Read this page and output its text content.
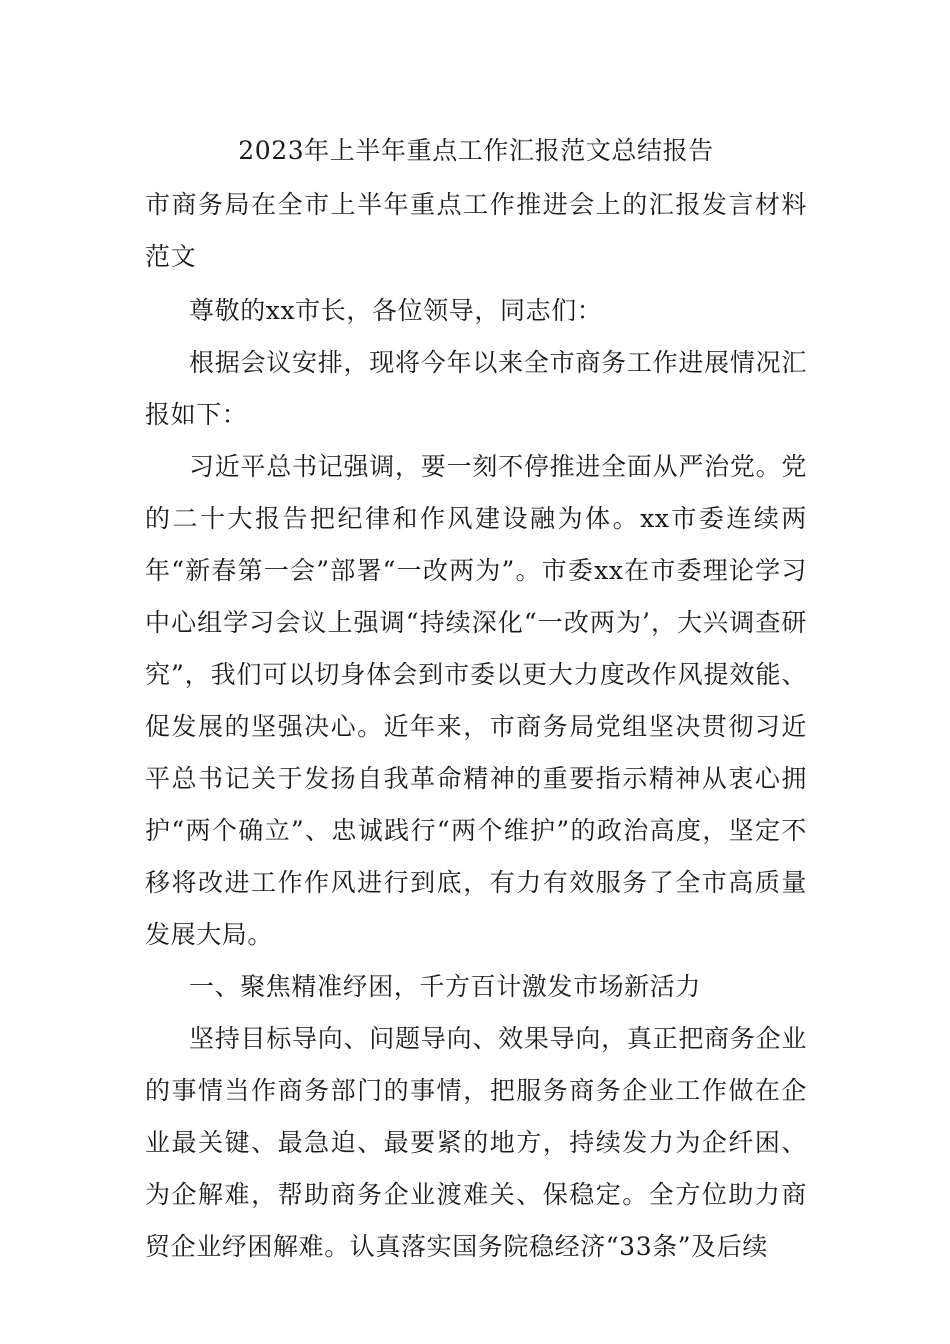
2023年上半年重点工作汇报范文总结报告

市商务局在全市上半年重点工作推进会上的汇报发言材料范文

尊敬的xx市长，各位领导，同志们：

根据会议安排，现将今年以来全市商务工作进展情况汇报如下：

习近平总书记强调，要一刻不停推进全面从严治党。党的二十大报告把纪律和作风建设融为体。xx市委连续两年“新春第一会”部署“一改两为”。市委xx在市委理论学习中心组学习会议上强调“持续深化“一改两为’，大兴调查研究”，我们可以切身体会到市委以更大力度改作风提效能、促发展的坚强决心。近年来，市商务局党组坚决贯彻习近平总书记关于发扬自我革命精神的重要指示精神从衷心拥护“两个确立”、忠诚践行“两个维护”的政治高度，坚定不移将改进工作作风进行到底，有力有效服务了全市高质量发展大局。

一、聚焦精准纾困，千方百计激发市场新活力

坚持目标导向、问题导向、效果导向，真正把商务企业的事情当作商务部门的事情，把服务商务企业工作做在企业最关键、最急迫、最要紧的地方，持续发力为企纤困、为企解难，帮助商务企业渡难关、保稳定。全方位助力商贸企业纾困解难。认真落实国务院稳经济“33条”及后续
